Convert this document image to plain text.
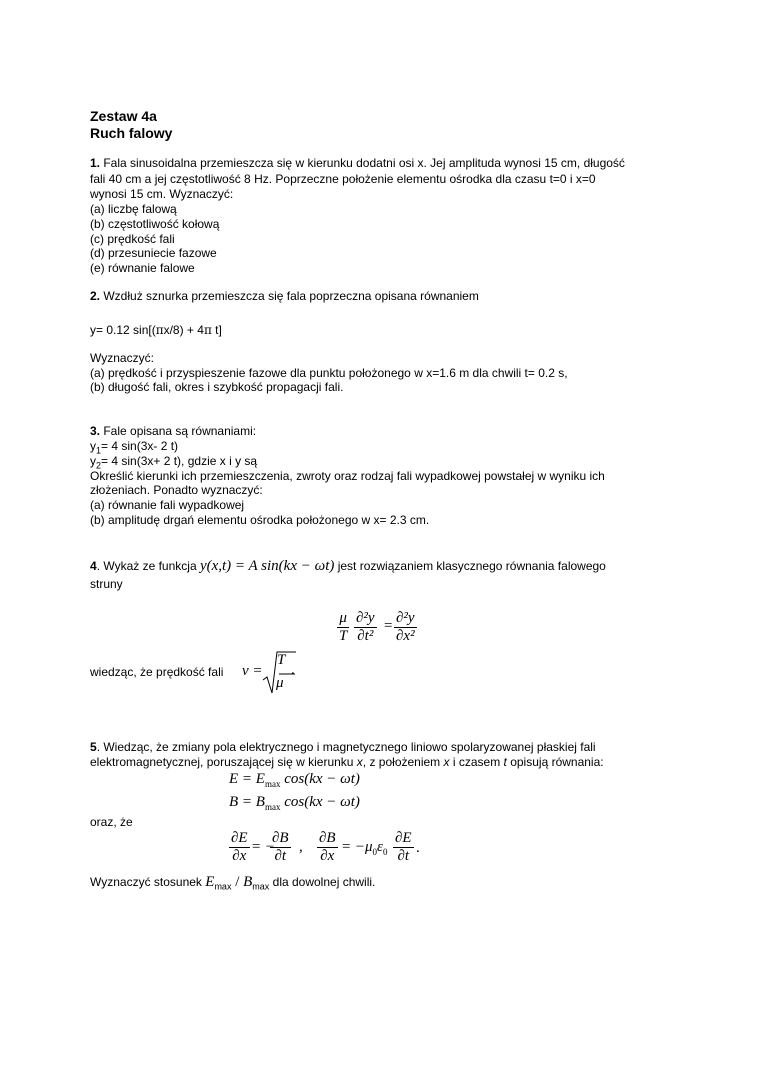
Zestaw 4a
Ruch falowy
1. Fala sinusoidalna przemieszcza się w kierunku dodatni osi x. Jej amplituda wynosi 15 cm, długość
fali 40 cm a jej częstotliwość 8 Hz. Poprzeczne położenie elementu ośrodka dla czasu t=0 i x=0
wynosi 15 cm. Wyznaczyć:
(a) liczbę falową
(b) częstotliwość kołową
(c) prędkość fali
(d) przesuniecie fazowe
(e) równanie falowe
2. Wzdłuż sznurka przemieszcza się fala poprzeczna opisana równaniem
y= 0.12 sin[(πx/8) + 4π t]
Wyznaczyć:
(a) prędkość i przyspieszenie fazowe dla punktu położonego w x=1.6 m dla chwili t= 0.2 s,
(b) długość fali, okres i szybkość propagacji fali.
3. Fale opisana są równaniami:
$y_1= 4$ sin(3x- 2 t)
$y_2= 4$ sin(3x+ 2 t), gdzie x i y są
Określić kierunki ich przemieszczenia, zwroty oraz rodzaj fali wypadkowej powstałej w wyniku ich
złożeniach. Ponadto wyznaczyć:
(a) równanie fali wypadkowej
(b) amplitudę drgań elementu ośrodka położonego w x= 2.3 cm.
4. Wykaż ze funkcja y(x,t) = A sin(kx − ωt) jest rozwiązaniem klasycznego równania falowego
struny
$\frac{\mu}{T} \frac{\text{∂²y}}{\text{∂t²}} = \frac{\text{∂²y}}{\text{∂x²}}$
wiedząc, że prędkość fali v =
T
μ
.
5. Wiedząc, że zmiany pola elektrycznego i magnetycznego liniowo spolaryzowanej płaskiej fali
elektromagnetycznej, poruszającej się w kierunku x, z położeniem x i czasem t opisują równania:
$E = E_{max}$ cos(kx − ωt)
$B = B_{max}$ cos(kx − ωt)
oraz, że
$\frac{\partial E}{\partial x}$ = −
$\frac{\partial B}{\partial t}$ , $\frac{\partial B}{\partial x} = -\mu_0\varepsilon_0 \frac{\partial E}{\partial t}$ .
Wyznaczyć stosunek $E_{max} / B_{max}$ dla dowolnej chwili.
